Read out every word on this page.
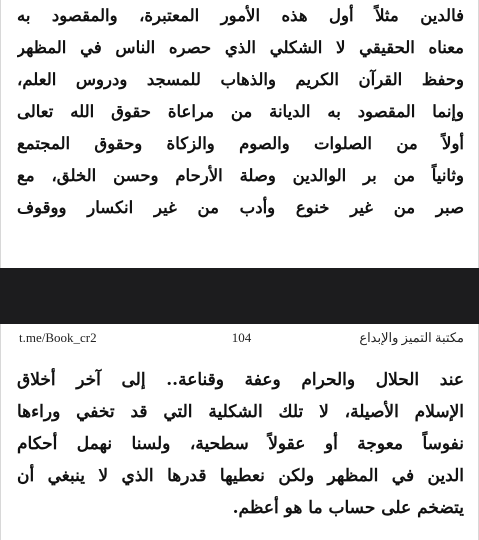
فالدين مثلاً أول هذه الأمور المعتبرة، والمقصود به
معناه الحقيقي لا الشكلي الذي حصره الناس في المظهر
وحفظ القرآن الكريم والذهاب للمسجد ودروس العلم،
وإنما المقصود به الديانة من مراعاة حقوق الله تعالى
أولاً من الصلوات والصوم والزكاة وحقوق المجتمع
وثانياً من بر الوالدين وصلة الأرحام وحسن الخلق، مع
صبر من غير خنوع وأدب من غير انكسار ووقوف
t.me/Book_cr2	104	مكتبة التميز والإبداع
عند الحلال والحرام وعفة وقناعة.. إلى آخر أخلاق
الإسلام الأصيلة، لا تلك الشكلية التي قد تخفي وراءها
نفوساً معوجة أو عقولاً سطحية، ولسنا نهمل أحكام
الدين في المظهر ولكن نعطيها قدرها الذي لا ينبغي أن
يتضخم على حساب ما هو أعظم.
